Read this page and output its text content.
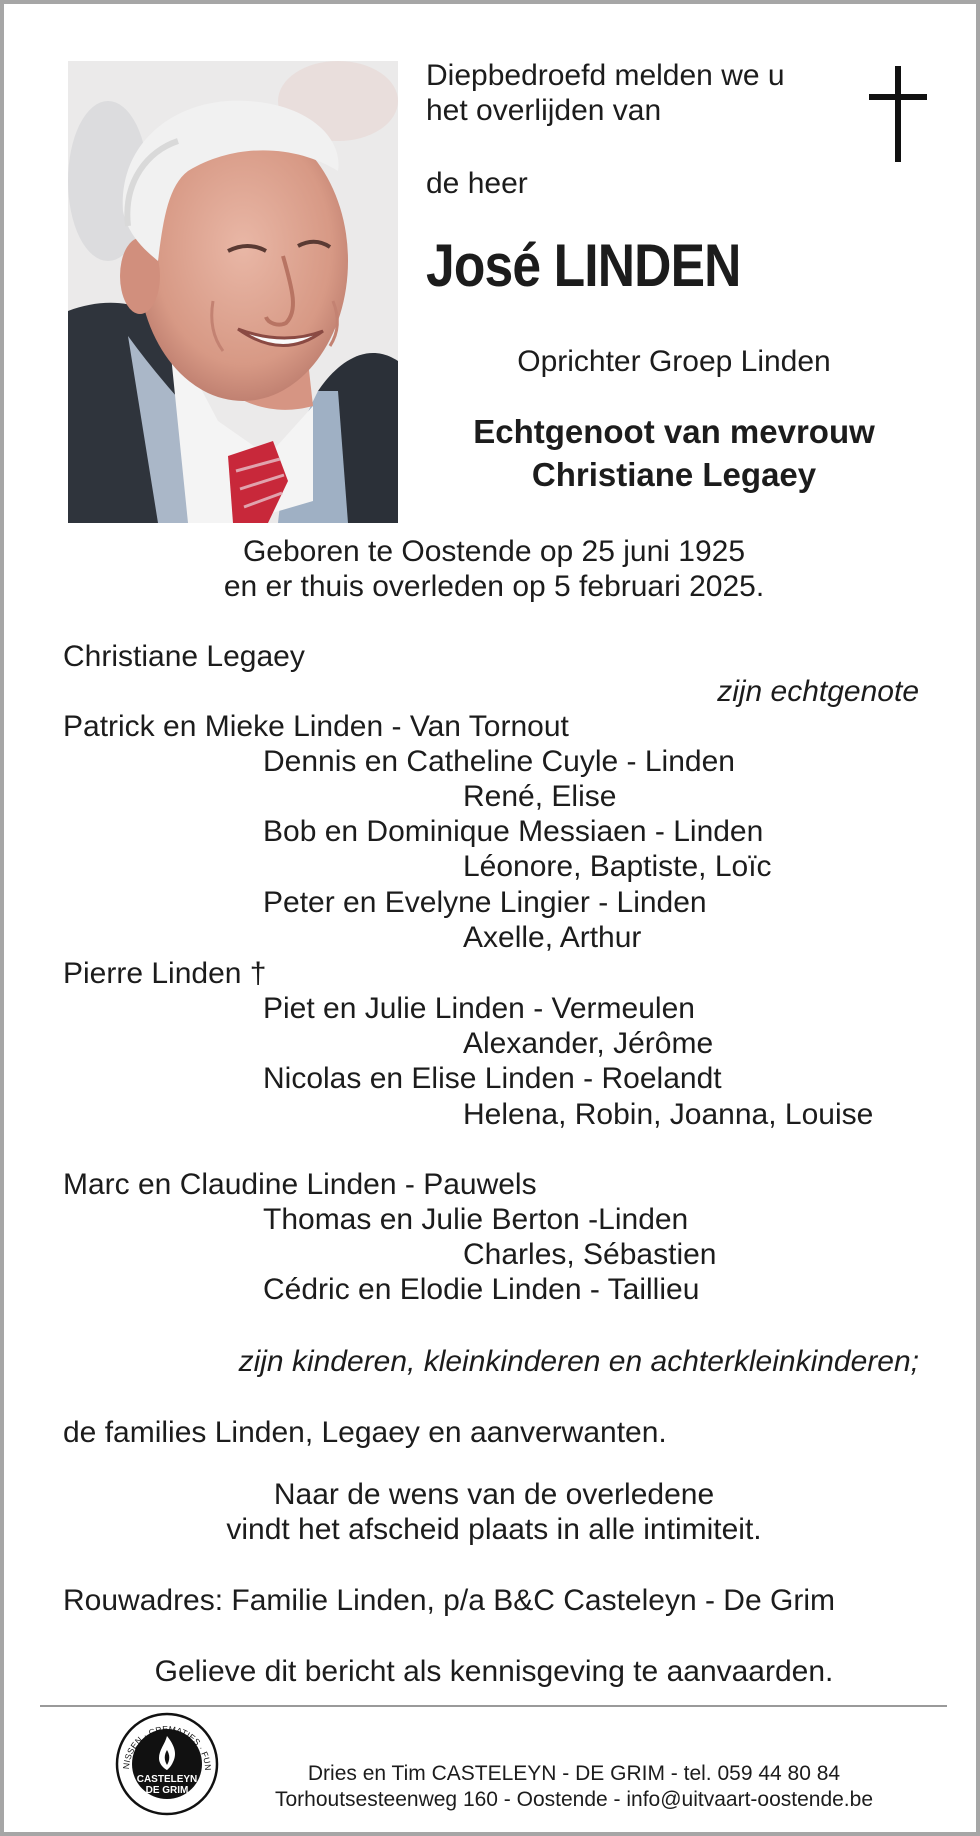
Diepbedroefd melden we u
het overlijden van
de heer
José LINDEN
Oprichter Groep Linden
Echtgenoot van mevrouw
Christiane Legaey
Geboren te Oostende op 25 juni 1925
en er thuis overleden op 5 februari 2025.
Christiane Legaey
zijn echtgenote
Patrick en Mieke Linden - Van Tornout
Dennis en Catheline Cuyle - Linden
René, Elise
Bob en Dominique Messiaen - Linden
Léonore, Baptiste, Loïc
Peter en Evelyne Lingier - Linden
Axelle, Arthur
Pierre Linden †
Piet en Julie Linden - Vermeulen
Alexander, Jérôme
Nicolas en Elise Linden - Roelandt
Helena, Robin, Joanna, Louise
Marc en Claudine Linden - Pauwels
Thomas en Julie Berton -Linden
Charles, Sébastien
Cédric en Elodie Linden - Taillieu
zijn kinderen, kleinkinderen en achterkleinkinderen;
de families Linden, Legaey en aanverwanten.
Naar de wens van de overledene
vindt het afscheid plaats in alle intimiteit.
Rouwadres: Familie Linden, p/a B&C Casteleyn - De Grim
Gelieve dit bericht als kennisgeving te aanvaarden.
NISSEN · CREMATIES · FUN
CASTELEYN
DE GRIM
Dries en Tim CASTELEYN - DE GRIM - tel. 059 44 80 84
Torhoutsesteenweg 160 - Oostende - info@uitvaart-oostende.be
